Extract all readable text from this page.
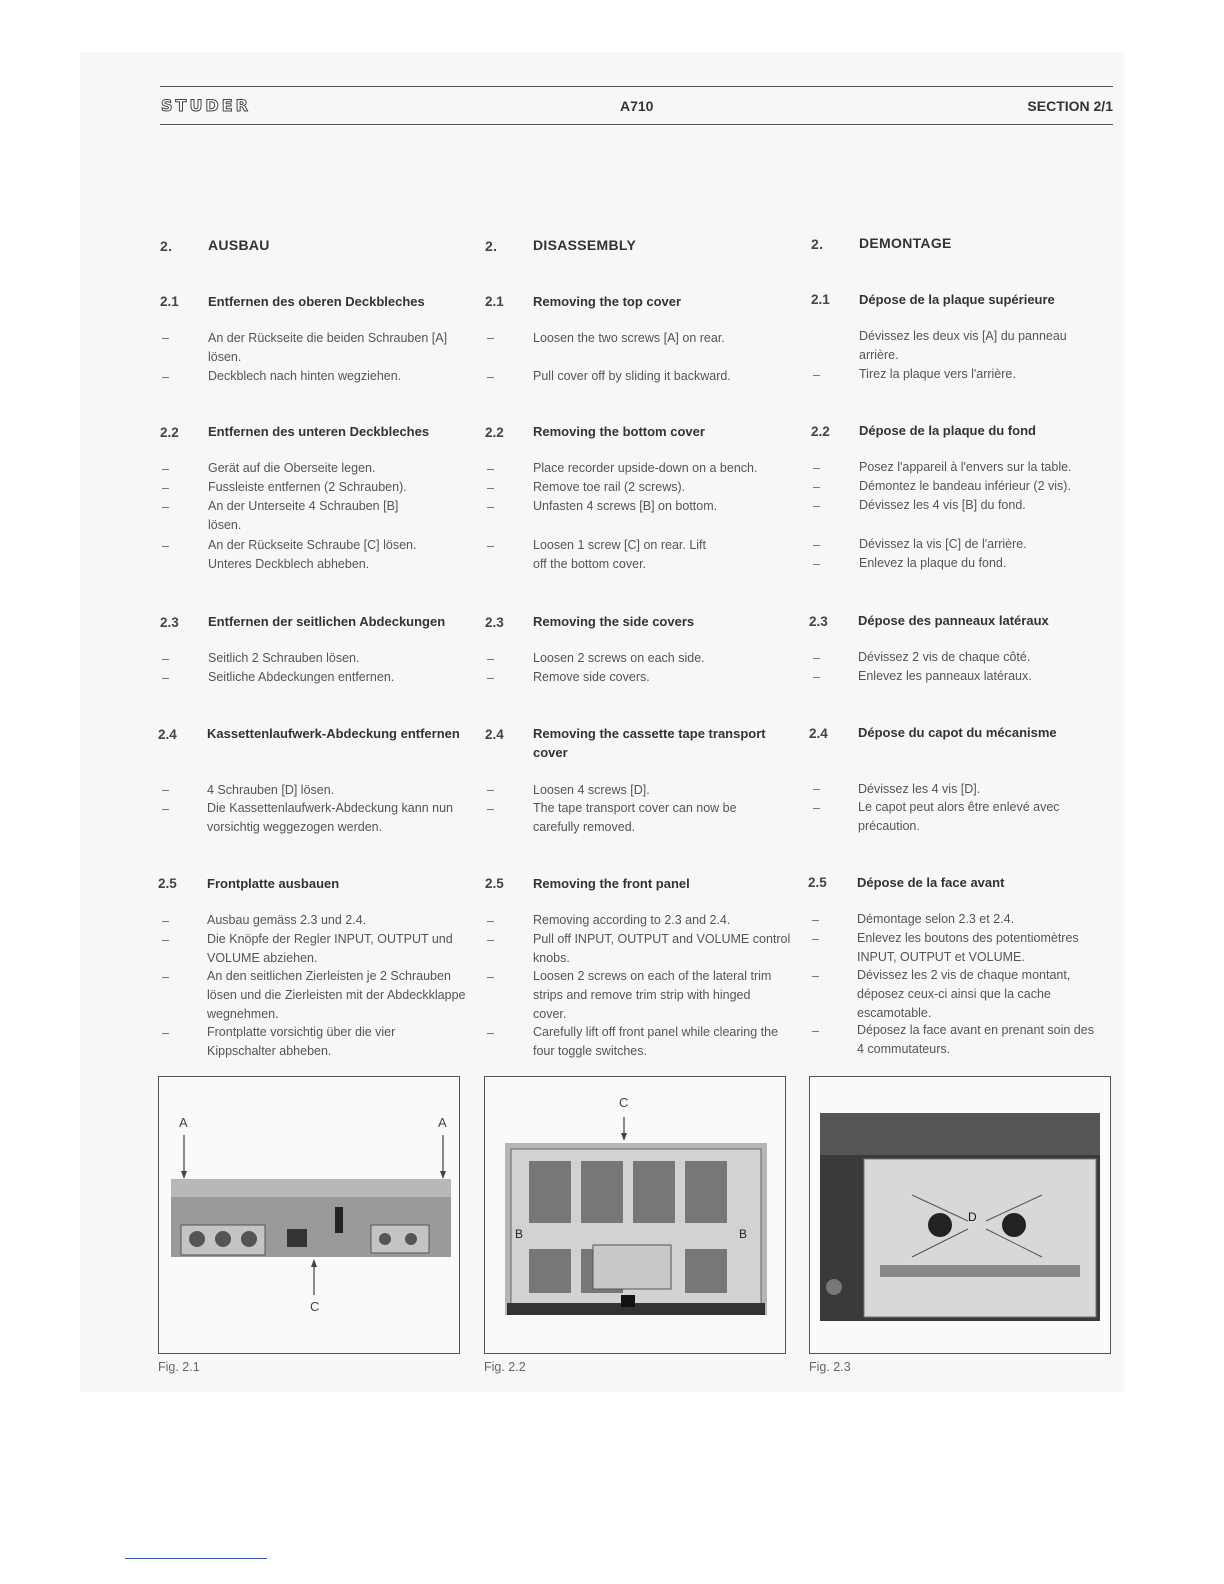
STUDER	A710	SECTION 2/1
2.	AUSBAU
2.1 Entfernen des oberen Deckbleches
–	An der Rückseite die beiden Schrauben [A] lösen.
–	Deckblech nach hinten wegziehen.
2.2 Entfernen des unteren Deckbleches
–	Gerät auf die Oberseite legen.
–	Fussleiste entfernen (2 Schrauben).
–	An der Unterseite 4 Schrauben [B] lösen.
–	An der Rückseite Schraube [C] lösen. Unteres Deckblech abheben.
2.3 Entfernen der seitlichen Abdeckungen
–	Seitlich 2 Schrauben lösen.
–	Seitliche Abdeckungen entfernen.
2.4 Kassettenlaufwerk-Abdeckung entfernen
–	4 Schrauben [D] lösen.
–	Die Kassettenlaufwerk-Abdeckung kann nun vorsichtig weggezogen werden.
2.5 Frontplatte ausbauen
–	Ausbau gemäss 2.3 und 2.4.
–	Die Knöpfe der Regler INPUT, OUTPUT und VOLUME abziehen.
–	An den seitlichen Zierleisten je 2 Schrauben lösen und die Zierleisten mit der Abdeckklappe wegnehmen.
–	Frontplatte vorsichtig über die vier Kippschalter abheben.
2.	DISASSEMBLY
2.1 Removing the top cover
–	Loosen the two screws [A] on rear.
–	Pull cover off by sliding it backward.
2.2 Removing the bottom cover
–	Place recorder upside-down on a bench.
–	Remove toe rail (2 screws).
–	Unfasten 4 screws [B] on bottom.
–	Loosen 1 screw [C] on rear. Lift off the bottom cover.
2.3 Removing the side covers
–	Loosen 2 screws on each side.
–	Remove side covers.
2.4 Removing the cassette tape transport cover
–	Loosen 4 screws [D].
–	The tape transport cover can now be carefully removed.
2.5 Removing the front panel
–	Removing according to 2.3 and 2.4.
–	Pull off INPUT, OUTPUT and VOLUME control knobs.
–	Loosen 2 screws on each of the lateral trim strips and remove trim strip with hinged cover.
–	Carefully lift off front panel while clearing the four toggle switches.
2.	DEMONTAGE
2.1 Dépose de la plaque supérieure
Dévissez les deux vis [A] du panneau arrière.
–	Tirez la plaque vers l'arrière.
2.2 Dépose de la plaque du fond
–	Posez l'appareil à l'envers sur la table.
–	Démontez le bandeau inférieur (2 vis).
–	Dévissez les 4 vis [B] du fond.
–	Dévissez la vis [C] de l'arrière.
–	Enlevez la plaque du fond.
2.3 Dépose des panneaux latéraux
–	Dévissez 2 vis de chaque côté.
–	Enlevez les panneaux latéraux.
2.4 Dépose du capot du mécanisme
–	Dévissez les 4 vis [D].
–	Le capot peut alors être enlevé avec précaution.
2.5 Dépose de la face avant
–	Démontage selon 2.3 et 2.4.
–	Enlevez les boutons des potentiomètres INPUT, OUTPUT et VOLUME.
–	Dévissez les 2 vis de chaque montant, déposez ceux-ci ainsi que la cache escamotable.
–	Déposez la face avant en prenant soin des 4 commutateurs.
A	A
C
Fig. 2.1
C
B	B
Fig. 2.2
D
Fig. 2.3
